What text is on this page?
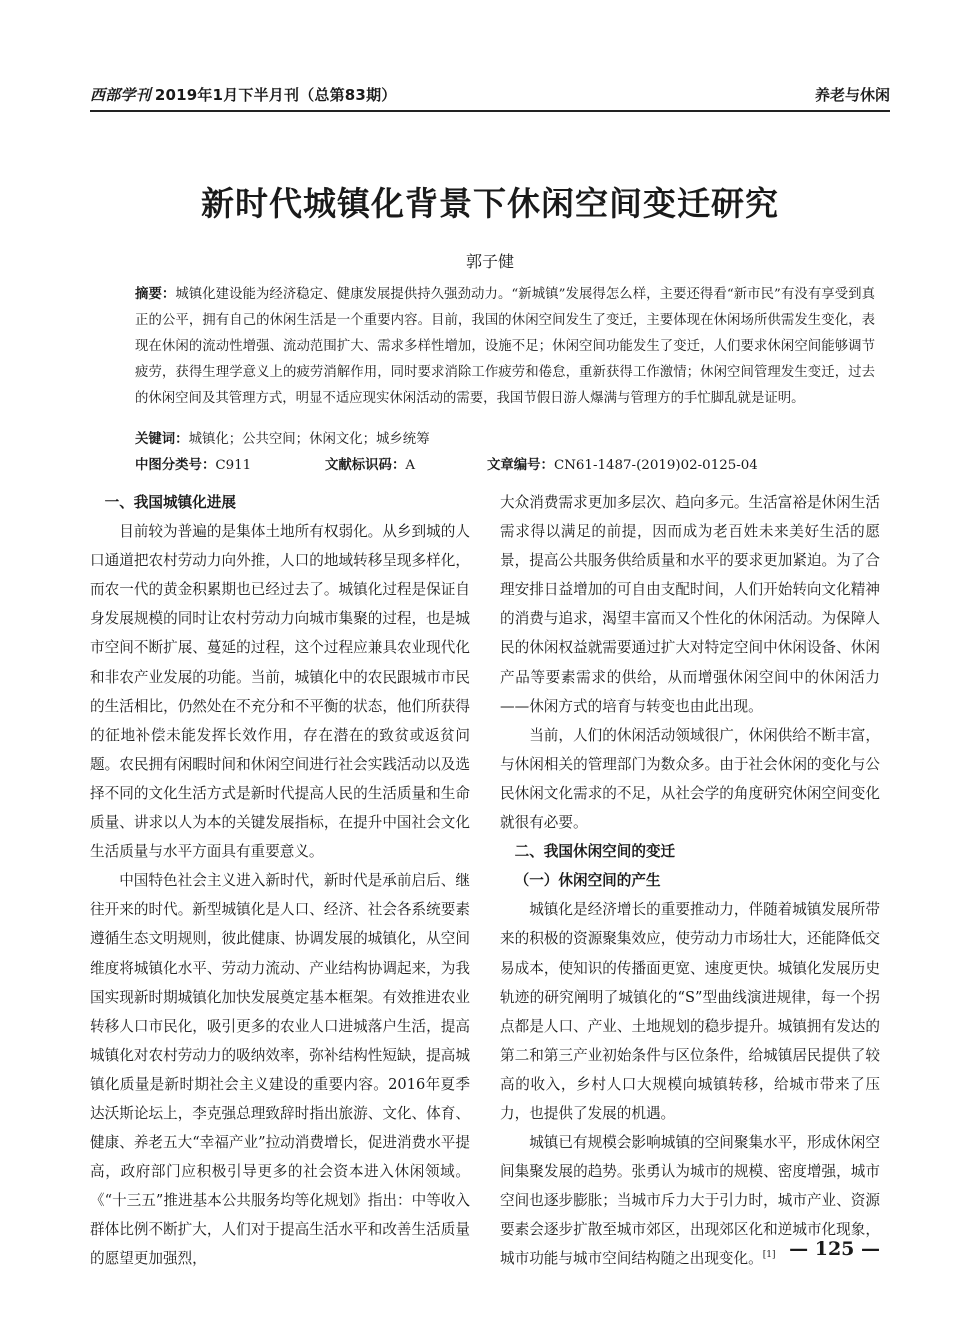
西部学刊 2019年1月下半月刊（总第83期）	养老与休闲
新时代城镇化背景下休闲空间变迁研究
郭子健
摘要：城镇化建设能为经济稳定、健康发展提供持久强劲动力。“新城镇”发展得怎么样，主要还得看“新市民”有没有享受到真正的公平，拥有自己的休闲生活是一个重要内容。目前，我国的休闲空间发生了变迁，主要体现在休闲场所供需发生变化，表现在休闲的流动性增强、流动范围扩大、需求多样性增加，设施不足；休闲空间功能发生了变迁，人们要求休闲空间能够调节疲劳，获得生理学意义上的疲劳消解作用，同时要求消除工作疲劳和倦怠，重新获得工作激情；休闲空间管理发生变迁，过去的休闲空间及其管理方式，明显不适应现实休闲活动的需要，我国节假日游人爆满与管理方的手忙脚乱就是证明。
关键词：城镇化；公共空间；休闲文化；城乡统筹
中图分类号：C911	文献标识码：A	文章编号：CN61-1487-(2019)02-0125-04

一、我国城镇化进展

目前较为普遍的是集体土地所有权弱化。从乡到城的人口通道把农村劳动力向外推，人口的地域转移呈现多样化，而农一代的黄金积累期也已经过去了。城镇化过程是保证自身发展规模的同时让农村劳动力向城市集聚的过程，也是城市空间不断扩展、蔓延的过程，这个过程应兼具农业现代化和非农产业发展的功能。当前，城镇化中的农民跟城市市民的生活相比，仍然处在不充分和不平衡的状态，他们所获得的征地补偿未能发挥长效作用，存在潜在的致贫或返贫问题。农民拥有闲暇时间和休闲空间进行社会实践活动以及选择不同的文化生活方式是新时代提高人民的生活质量和生命质量、讲求以人为本的关键发展指标，在提升中国社会文化生活质量与水平方面具有重要意义。

中国特色社会主义进入新时代，新时代是承前启后、继往开来的时代。新型城镇化是人口、经济、社会各系统要素遵循生态文明规则，彼此健康、协调发展的城镇化，从空间维度将城镇化水平、劳动力流动、产业结构协调起来，为我国实现新时期城镇化加快发展奠定基本框架。有效推进农业转移人口市民化，吸引更多的农业人口进城落户生活，提高城镇化对农村劳动力的吸纳效率，弥补结构性短缺，提高城镇化质量是新时期社会主义建设的重要内容。2016年夏季达沃斯论坛上，李克强总理致辞时指出旅游、文化、体育、健康、养老五大“幸福产业”拉动消费增长，促进消费水平提高，政府部门应积极引导更多的社会资本进入休闲领域。《“十三五”推进基本公共服务均等化规划》指出：中等收入群体比例不断扩大，人们对于提高生活水平和改善生活质量的愿望更加强烈，

大众消费需求更加多层次、趋向多元。生活富裕是休闲生活需求得以满足的前提，因而成为老百姓未来美好生活的愿景，提高公共服务供给质量和水平的要求更加紧迫。为了合理安排日益增加的可自由支配时间，人们开始转向文化精神的消费与追求，渴望丰富而又个性化的休闲活动。为保障人民的休闲权益就需要通过扩大对特定空间中休闲设备、休闲产品等要素需求的供给，从而增强休闲空间中的休闲活力——休闲方式的培育与转变也由此出现。

当前，人们的休闲活动领域很广，休闲供给不断丰富，与休闲相关的管理部门为数众多。由于社会休闲的变化与公民休闲文化需求的不足，从社会学的角度研究休闲空间变化就很有必要。

二、我国休闲空间的变迁

（一）休闲空间的产生

城镇化是经济增长的重要推动力，伴随着城镇发展所带来的积极的资源聚集效应，使劳动力市场壮大，还能降低交易成本，使知识的传播面更宽、速度更快。城镇化发展历史轨迹的研究阐明了城镇化的“S”型曲线演进规律，每一个拐点都是人口、产业、土地规划的稳步提升。城镇拥有发达的第二和第三产业初始条件与区位条件，给城镇居民提供了较高的收入，乡村人口大规模向城镇转移，给城市带来了压力，也提供了发展的机遇。

城镇已有规模会影响城镇的空间聚集水平，形成休闲空间集聚发展的趋势。张勇认为城市的规模、密度增强，城市空间也逐步膨胀；当城市斥力大于引力时，城市产业、资源要素会逐步扩散至城市郊区，出现郊区化和逆城市化现象，城市功能与城市空间结构随之出现变化。[1] — 125 —
